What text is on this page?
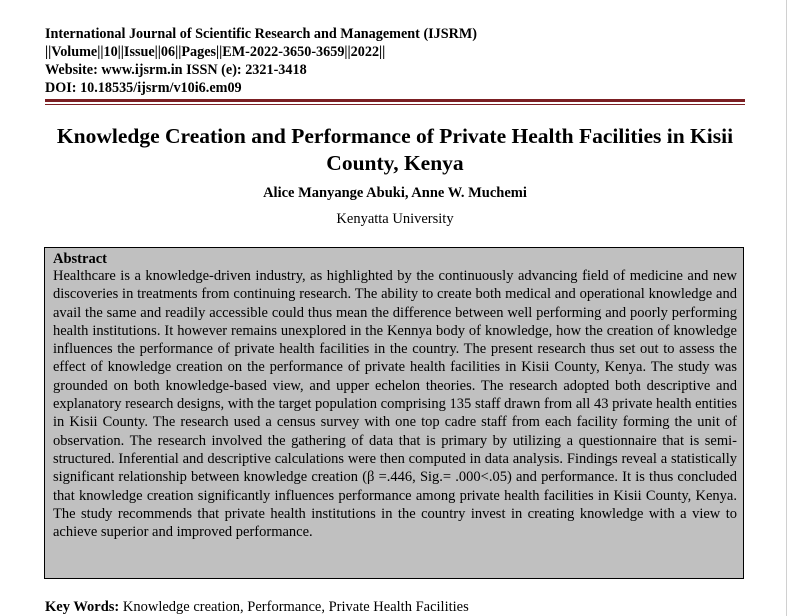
International Journal of Scientific Research and Management (IJSRM)
||Volume||10||Issue||06||Pages||EM-2022-3650-3659||2022||
Website: www.ijsrm.in ISSN (e): 2321-3418
DOI: 10.18535/ijsrm/v10i6.em09
Knowledge Creation and Performance of Private Health Facilities in Kisii County, Kenya
Alice Manyange Abuki, Anne W. Muchemi
Kenyatta University
Abstract
Healthcare is a knowledge-driven industry, as highlighted by the continuously advancing field of medicine and new discoveries in treatments from continuing research. The ability to create both medical and operational knowledge and avail the same and readily accessible could thus mean the difference between well performing and poorly performing health institutions. It however remains unexplored in the Kennya body of knowledge, how the creation of knowledge influences the performance of private health facilities in the country. The present research thus set out to assess the effect of knowledge creation on the performance of private health facilities in Kisii County, Kenya. The study was grounded on both knowledge-based view, and upper echelon theories. The research adopted both descriptive and explanatory research designs, with the target population comprising 135 staff drawn from all 43 private health entities in Kisii County. The research used a census survey with one top cadre staff from each facility forming the unit of observation. The research involved the gathering of data that is primary by utilizing a questionnaire that is semi-structured. Inferential and descriptive calculations were then computed in data analysis. Findings reveal a statistically significant relationship between knowledge creation (β =.446, Sig.= .000<.05) and performance. It is thus concluded that knowledge creation significantly influences performance among private health facilities in Kisii County, Kenya. The study recommends that private health institutions in the country invest in creating knowledge with a view to achieve superior and improved performance.
Key Words: Knowledge creation, Performance, Private Health Facilities
